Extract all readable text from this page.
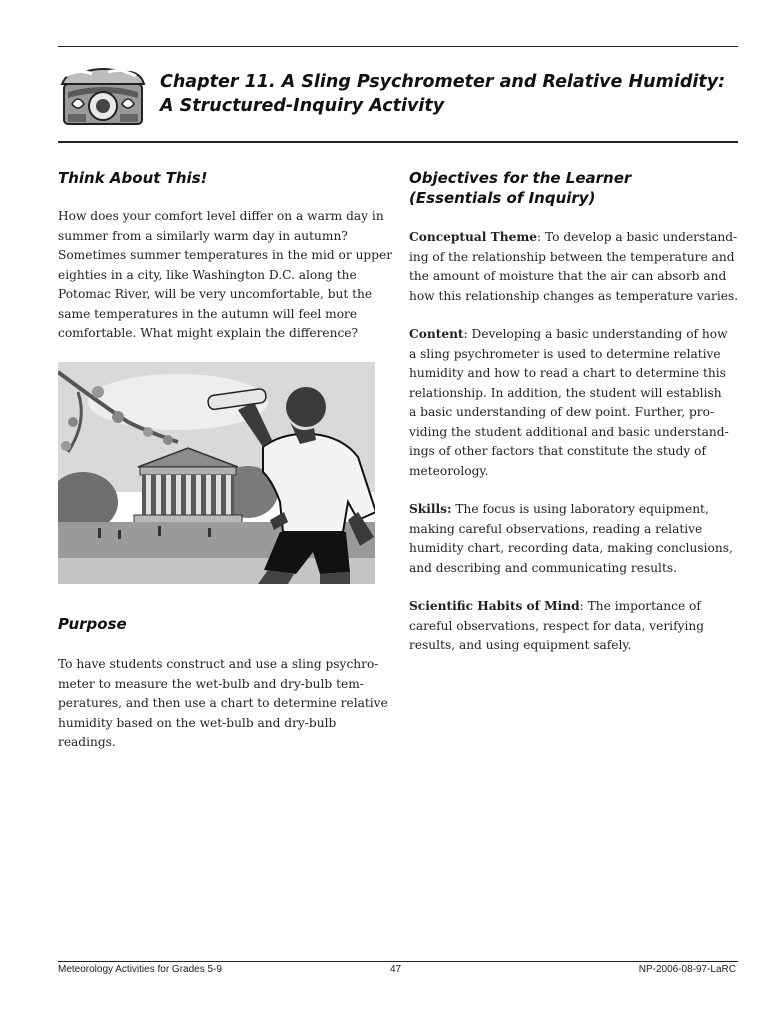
Chapter 11. A Sling Psychrometer and Relative Humidity:
A Structured-Inquiry Activity
Think About This!
How does your comfort level differ on a warm day in
summer from a similarly warm day in autumn?
Sometimes summer temperatures in the mid or upper
eighties in a city, like Washington D.C. along the
Potomac River, will be very uncomfortable, but the
same temperatures in the autumn will feel more
comfortable. What might explain the difference?
Purpose
To have students construct and use a sling psychro-
meter to measure the wet-bulb and dry-bulb tem-
peratures, and then use a chart to determine relative
humidity based on the wet-bulb and dry-bulb
readings.
Objectives for the Learner
(Essentials of Inquiry)
Conceptual Theme: To develop a basic understand-
ing of the relationship between the temperature and
the amount of moisture that the air can absorb and
how this relationship changes as temperature varies.
Content: Developing a basic understanding of how
a sling psychrometer is used to determine relative
humidity and how to read a chart to determine this
relationship. In addition, the student will establish
a basic understanding of dew point. Further, pro-
viding the student additional and basic understand-
ings of other factors that constitute the study of
meteorology.
Skills: The focus is using laboratory equipment,
making careful observations, reading a relative
humidity chart, recording data, making conclusions,
and describing and communicating results.
Scientific Habits of Mind: The importance of
careful observations, respect for data, verifying
results, and using equipment safely.
Meteorology Activities for Grades 5-9	47	NP-2006-08-97-LaRC
